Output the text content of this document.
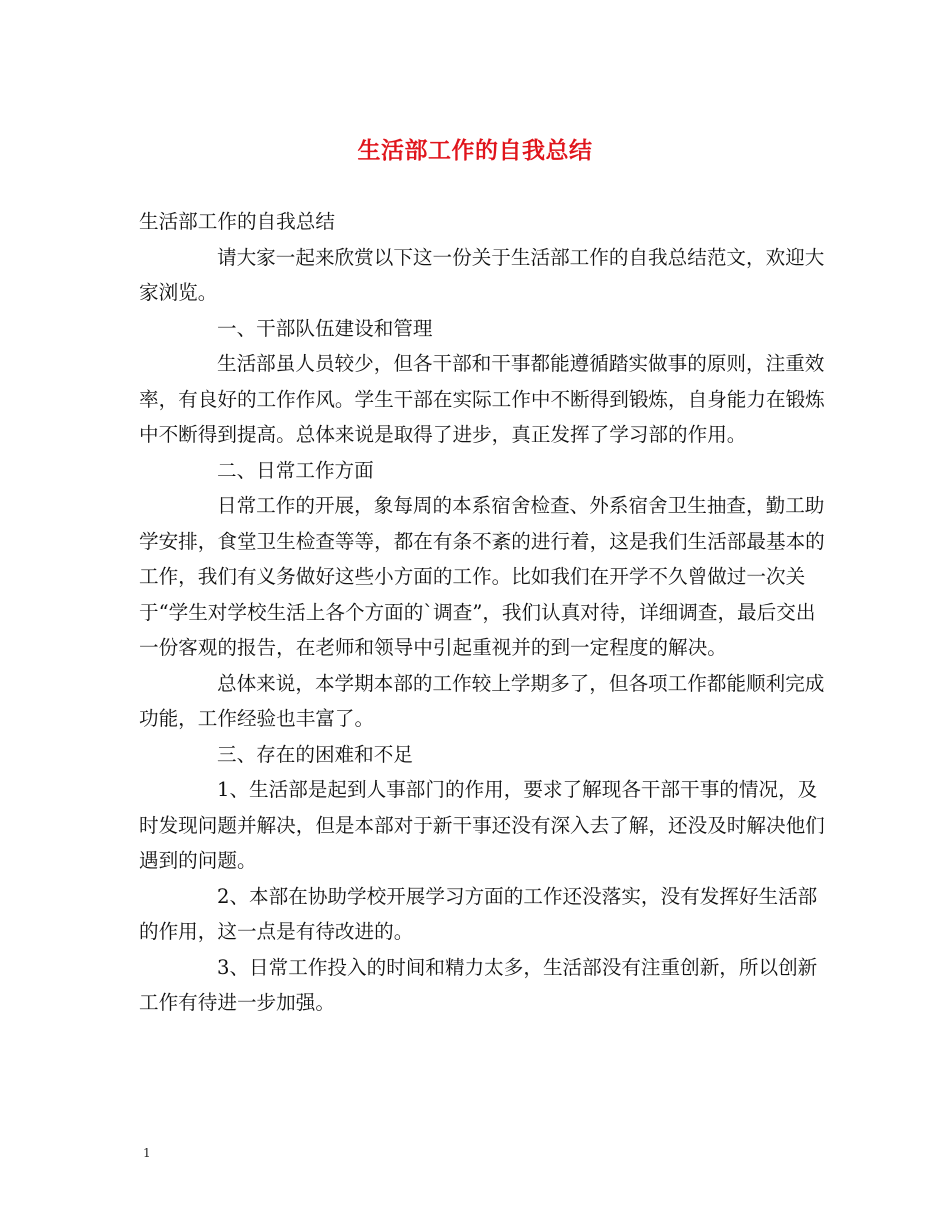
生活部工作的自我总结

生活部工作的自我总结

请大家一起来欣赏以下这一份关于生活部工作的自我总结范文，欢迎大家浏览。

一、干部队伍建设和管理

生活部虽人员较少，但各干部和干事都能遵循踏实做事的原则，注重效率，有良好的工作作风。学生干部在实际工作中不断得到锻炼，自身能力在锻炼中不断得到提高。总体来说是取得了进步，真正发挥了学习部的作用。

二、日常工作方面

日常工作的开展，象每周的本系宿舍检查、外系宿舍卫生抽查，勤工助学安排，食堂卫生检查等等，都在有条不紊的进行着，这是我们生活部最基本的工作，我们有义务做好这些小方面的工作。比如我们在开学不久曾做过一次关于“学生对学校生活上各个方面的`调查”，我们认真对待，详细调查，最后交出一份客观的报告，在老师和领导中引起重视并的到一定程度的解决。

总体来说，本学期本部的工作较上学期多了，但各项工作都能顺利完成功能，工作经验也丰富了。

三、存在的困难和不足

1、生活部是起到人事部门的作用，要求了解现各干部干事的情况，及时发现问题并解决，但是本部对于新干事还没有深入去了解，还没及时解决他们遇到的问题。

2、本部在协助学校开展学习方面的工作还没落实，没有发挥好生活部的作用，这一点是有待改进的。

3、日常工作投入的时间和精力太多，生活部没有注重创新，所以创新工作有待进一步加强。

1
